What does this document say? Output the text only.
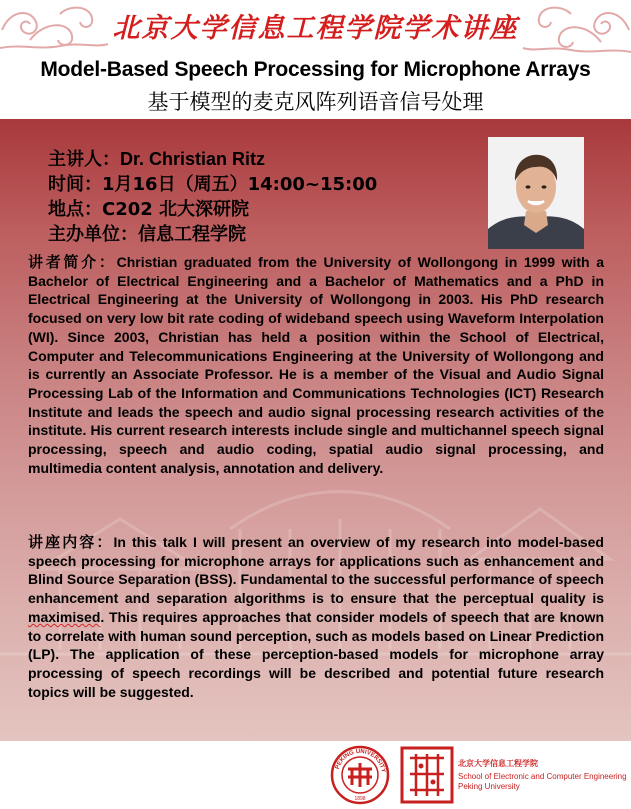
北京大学信息工程学院学术讲座
Model-Based Speech Processing for Microphone Arrays
基于模型的麦克风阵列语音信号处理
主讲人：Dr. Christian Ritz
时间：1月16日（周五）14:00~15:00
地点：C202 北大深研院
主办单位：信息工程学院
讲者简介：Christian graduated from the University of Wollongong in 1999 with a Bachelor of Electrical Engineering and a Bachelor of Mathematics and a PhD in Electrical Engineering at the University of Wollongong in 2003. His PhD research focused on very low bit rate coding of wideband speech using Waveform Interpolation (WI). Since 2003, Christian has held a position within the School of Electrical, Computer and Telecommunications Engineering at the University of Wollongong and is currently an Associate Professor. He is a member of the Visual and Audio Signal Processing Lab of the Information and Communications Technologies (ICT) Research Institute and leads the speech and audio signal processing research activities of the institute. His current research interests include single and multichannel speech signal processing, speech and audio coding, spatial audio signal processing, and multimedia content analysis, annotation and delivery.
讲座内容：In this talk I will present an overview of my research into model-based speech processing for microphone arrays for applications such as enhancement and Blind Source Separation (BSS). Fundamental to the successful performance of speech enhancement and separation algorithms is to ensure that the perceptual quality is maximised. This requires approaches that consider models of speech that are known to correlate with human sound perception, such as models based on Linear Prediction (LP). The application of these perception-based models for microphone array processing of speech recordings will be described and potential future research topics will be suggested.
PEKING UNIVERSITY
1898
北京大学信息工程学院
School of Electronic and Computer Engineering
Peking University
